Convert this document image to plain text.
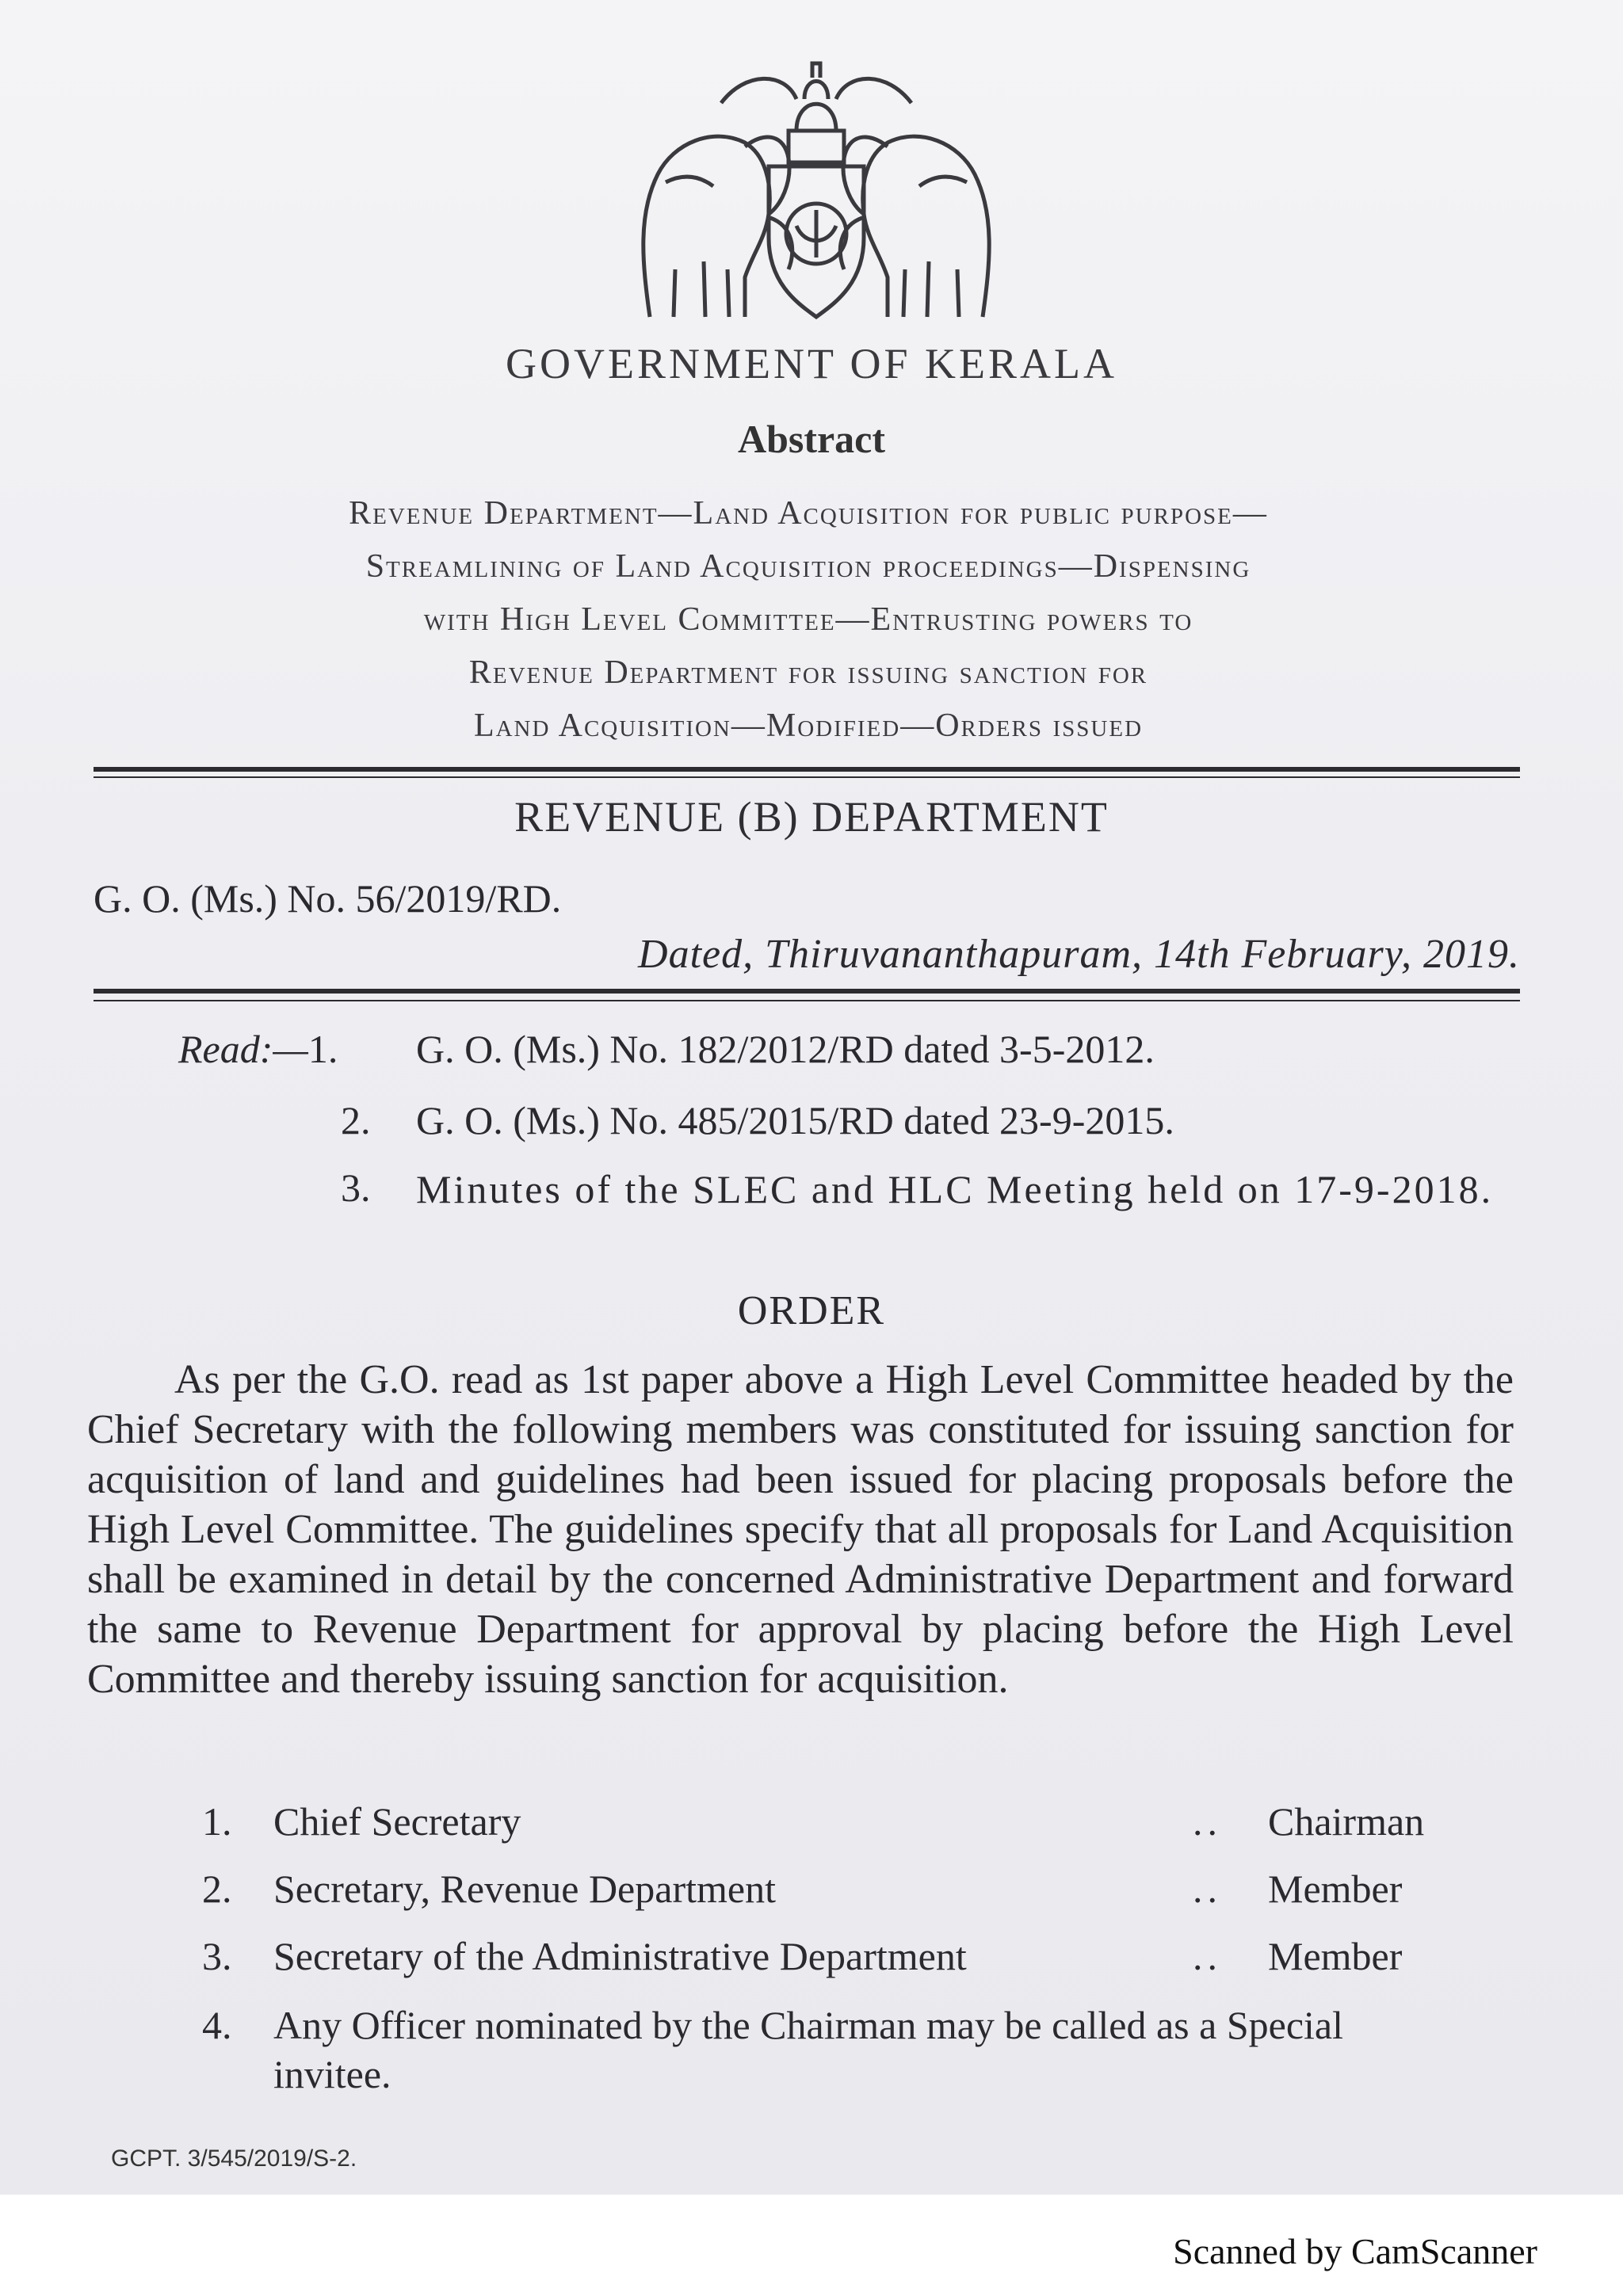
GOVERNMENT OF KERALA
Abstract
Revenue Department—Land Acquisition for public purpose—
Streamlining of Land Acquisition proceedings—Dispensing
with High Level Committee—Entrusting powers to
Revenue Department for issuing sanction for
Land Acquisition—Modified—Orders issued
REVENUE (B) DEPARTMENT
G. O. (Ms.) No. 56/2019/RD.
Dated, Thiruvananthapuram, 14th February, 2019.
Read:—1. G. O. (Ms.) No. 182/2012/RD dated 3-5-2012.
2. G. O. (Ms.) No. 485/2015/RD dated 23-9-2015.
3. Minutes of the SLEC and HLC Meeting held on 17-9-2018.
ORDER
As per the G.O. read as 1st paper above a High Level Committee headed by the Chief Secretary with the following members was constituted for issuing sanction for acquisition of land and guidelines had been issued for placing proposals before the High Level Committee. The guidelines specify that all proposals for Land Acquisition shall be examined in detail by the concerned Administrative Department and forward the same to Revenue Department for approval by placing before the High Level Committee and thereby issuing sanction for acquisition.
1. Chief Secretary	.. Chairman
2. Secretary, Revenue Department	.. Member
3. Secretary of the Administrative Department	.. Member
4. Any Officer nominated by the Chairman may be called as a Special invitee.
GCPT. 3/545/2019/S-2.
Scanned by CamScanner
